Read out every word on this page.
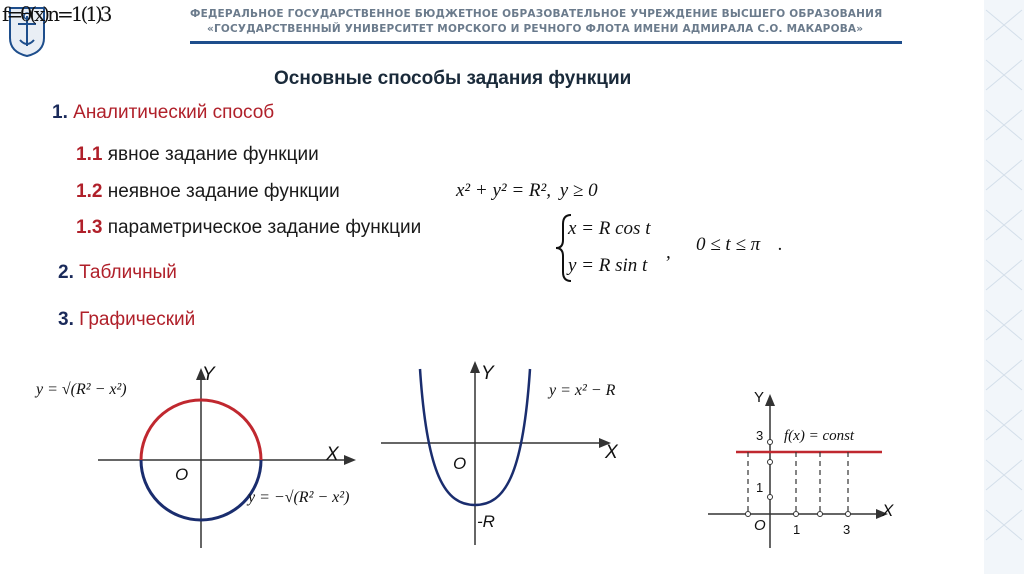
f=θ(x)n=1(1)3	ФЕДЕРАЛЬНОЕ ГОСУДАРСТВЕННОЕ БЮДЖЕТНОЕ ОБРАЗОВАТЕЛЬНОЕ УЧРЕЖДЕНИЕ ВЫСШЕГО ОБРАЗОВАНИЯ
«ГОСУДАРСТВЕННЫЙ УНИВЕРСИТЕТ МОРСКОГО И РЕЧНОГО ФЛОТА ИМЕНИ АДМИРАЛА С.О. МАКАРОВА»
Основные способы задания функции
1. Аналитический способ
1.1 явное задание функции
1.2 неявное задание функции
1.3 параметрическое задание функции
2. Табличный
3. Графический
x² + y² = R², y ≥ 0
x = R cos t
y = R sin t
, 0 ≤ t ≤ π .
Y
X
O
y = √(R² − x²)
y = −√(R² − x²)
Y
X
O
-R
y = x² − R	Y
X
O
3
1
1	3
f(x) = const
